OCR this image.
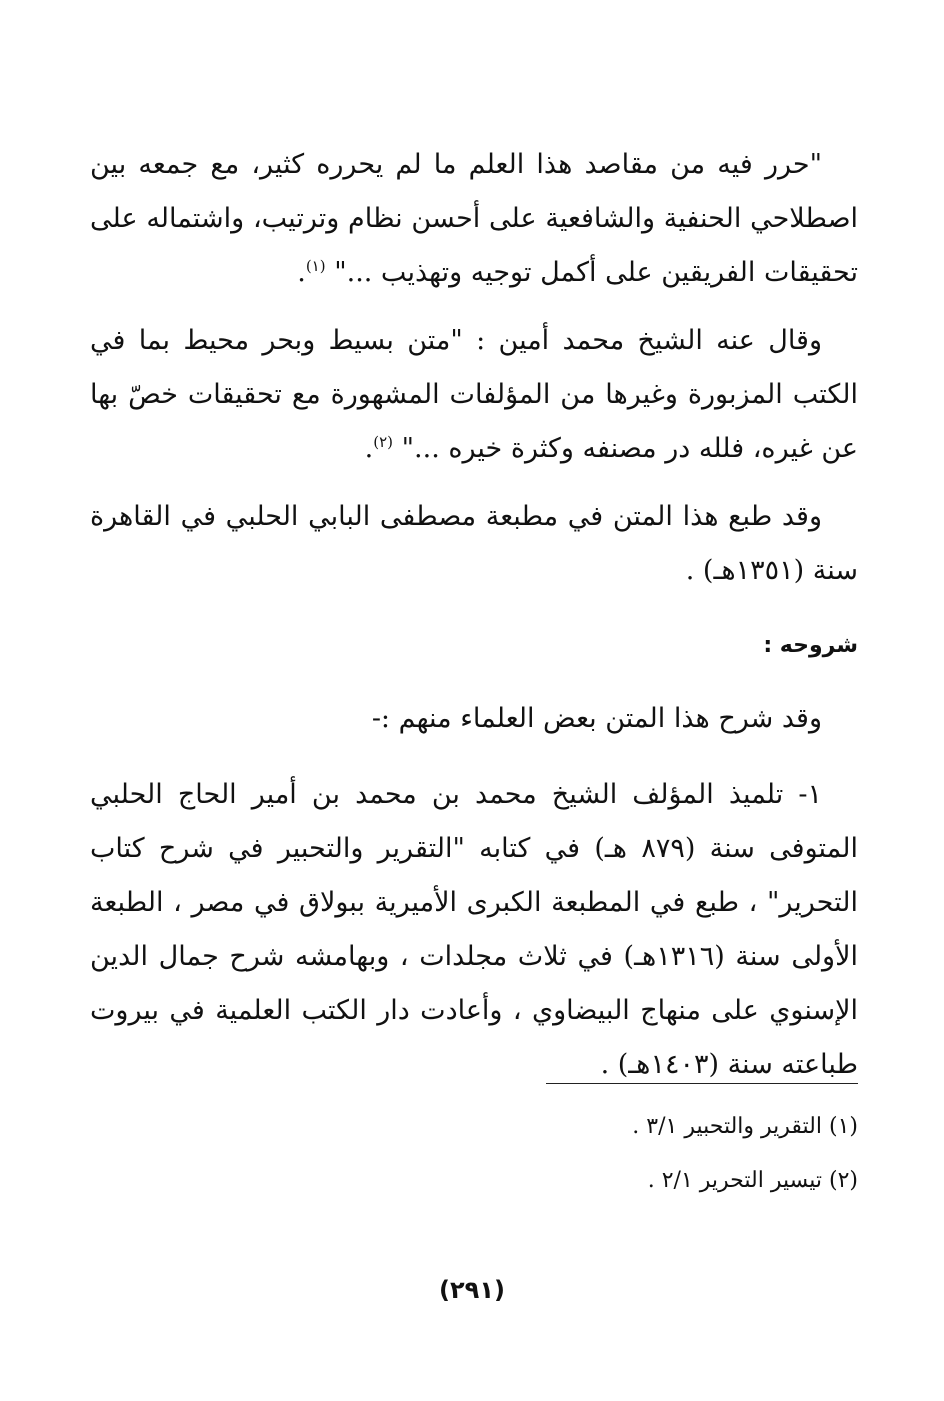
"حرر فيه من مقاصد هذا العلم ما لم يحرره كثير، مع جمعه بين اصطلاحي الحنفية والشافعية على أحسن نظام وترتيب، واشتماله على تحقيقات الفريقين على أكمل توجيه وتهذيب ..." $^{(١)}$.

وقال عنه الشيخ محمد أمين : "متن بسيط وبحر محيط بما في الكتب المزبورة وغيرها من المؤلفات المشهورة مع تحقيقات خصّ بها عن غيره، فلله در مصنفه وكثرة خيره ..." $^{(٢)}$.

وقد طبع هذا المتن في مطبعة مصطفى البابي الحلبي في القاهرة سنة (١٣٥١هـ) .

شروحه :

وقد شرح هذا المتن بعض العلماء منهم :-

١- تلميذ المؤلف الشيخ محمد بن محمد بن أمير الحاج الحلبي المتوفى سنة (٨٧٩ هـ) في كتابه "التقرير والتحبير في شرح كتاب التحرير" ، طبع في المطبعة الكبرى الأميرية ببولاق في مصر ، الطبعة الأولى سنة (١٣١٦هـ) في ثلاث مجلدات ، وبهامشه شرح جمال الدين الإسنوي على منهاج البيضاوي ، وأعادت دار الكتب العلمية في بيروت طباعته سنة (١٤٠٣هـ) .

(١) التقرير والتحبير ٣/١ .

(٢) تيسير التحرير ٢/١ .

(٢٩١)
